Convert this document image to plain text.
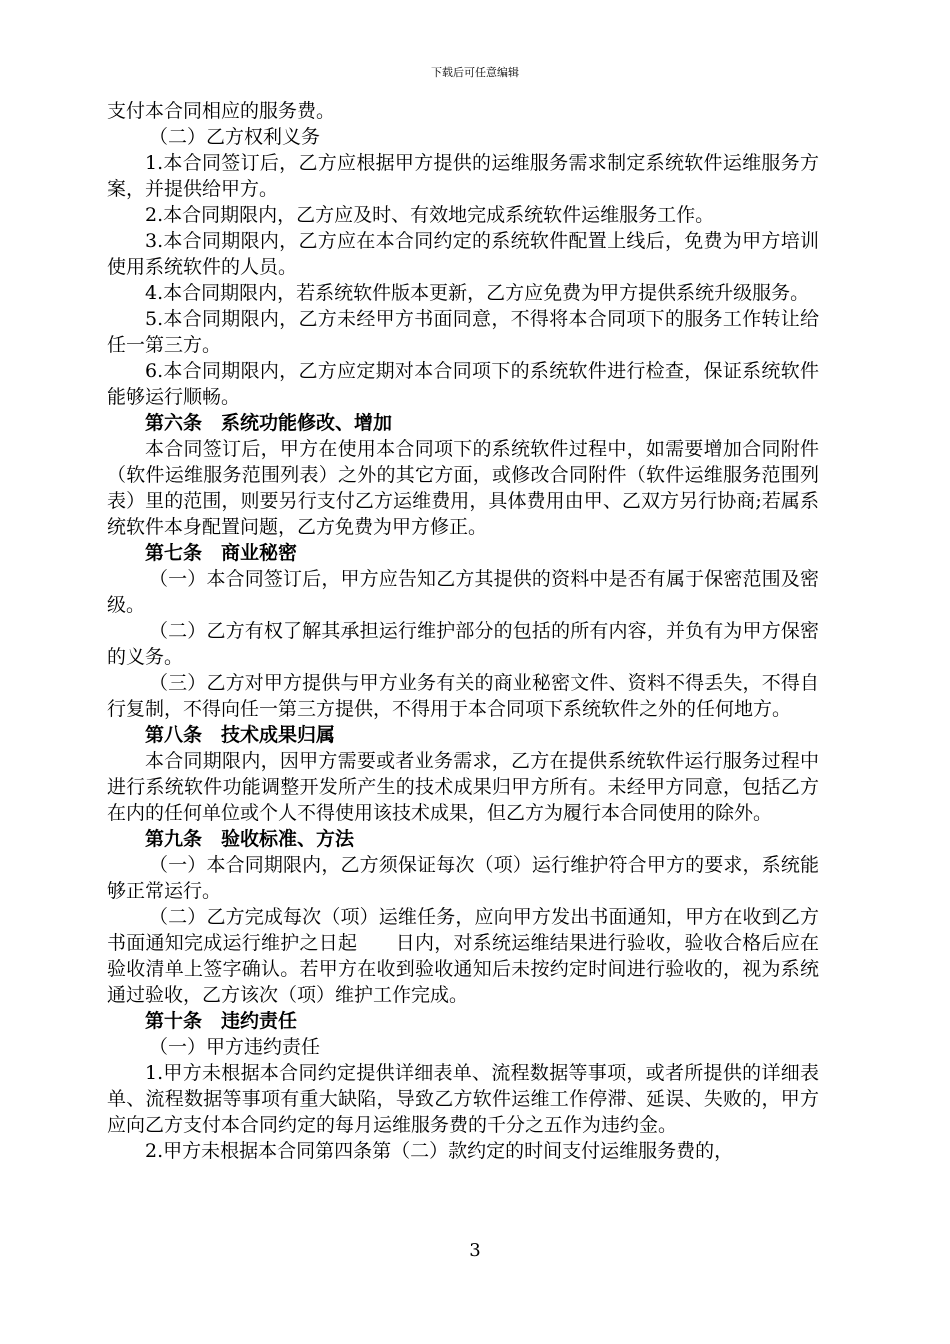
下载后可任意编辑

支付本合同相应的服务费。

（二）乙方权利义务

1.本合同签订后，乙方应根据甲方提供的运维服务需求制定系统软件运维服务方案，并提供给甲方。

2.本合同期限内，乙方应及时、有效地完成系统软件运维服务工作。

3.本合同期限内，乙方应在本合同约定的系统软件配置上线后，免费为甲方培训使用系统软件的人员。

4.本合同期限内，若系统软件版本更新，乙方应免费为甲方提供系统升级服务。

5.本合同期限内，乙方未经甲方书面同意，不得将本合同项下的服务工作转让给任一第三方。

6.本合同期限内，乙方应定期对本合同项下的系统软件进行检查，保证系统软件能够运行顺畅。

第六条　系统功能修改、增加

本合同签订后，甲方在使用本合同项下的系统软件过程中，如需要增加合同附件（软件运维服务范围列表）之外的其它方面，或修改合同附件（软件运维服务范围列表）里的范围，则要另行支付乙方运维费用，具体费用由甲、乙双方另行协商;若属系统软件本身配置问题，乙方免费为甲方修正。

第七条　商业秘密

（一）本合同签订后，甲方应告知乙方其提供的资料中是否有属于保密范围及密级。

（二）乙方有权了解其承担运行维护部分的包括的所有内容，并负有为甲方保密的义务。

（三）乙方对甲方提供与甲方业务有关的商业秘密文件、资料不得丢失，不得自行复制，不得向任一第三方提供，不得用于本合同项下系统软件之外的任何地方。

第八条　技术成果归属

本合同期限内，因甲方需要或者业务需求，乙方在提供系统软件运行服务过程中进行系统软件功能调整开发所产生的技术成果归甲方所有。未经甲方同意，包括乙方在内的任何单位或个人不得使用该技术成果，但乙方为履行本合同使用的除外。

第九条　验收标准、方法

（一）本合同期限内，乙方须保证每次（项）运行维护符合甲方的要求，系统能够正常运行。

（二）乙方完成每次（项）运维任务，应向甲方发出书面通知，甲方在收到乙方书面通知完成运行维护之日起　　日内，对系统运维结果进行验收，验收合格后应在验收清单上签字确认。若甲方在收到验收通知后未按约定时间进行验收的，视为系统通过验收，乙方该次（项）维护工作完成。

第十条　违约责任

（一）甲方违约责任

1.甲方未根据本合同约定提供详细表单、流程数据等事项，或者所提供的详细表单、流程数据等事项有重大缺陷，导致乙方软件运维工作停滞、延误、失败的，甲方应向乙方支付本合同约定的每月运维服务费的千分之五作为违约金。

2.甲方未根据本合同第四条第（二）款约定的时间支付运维服务费的，

3
